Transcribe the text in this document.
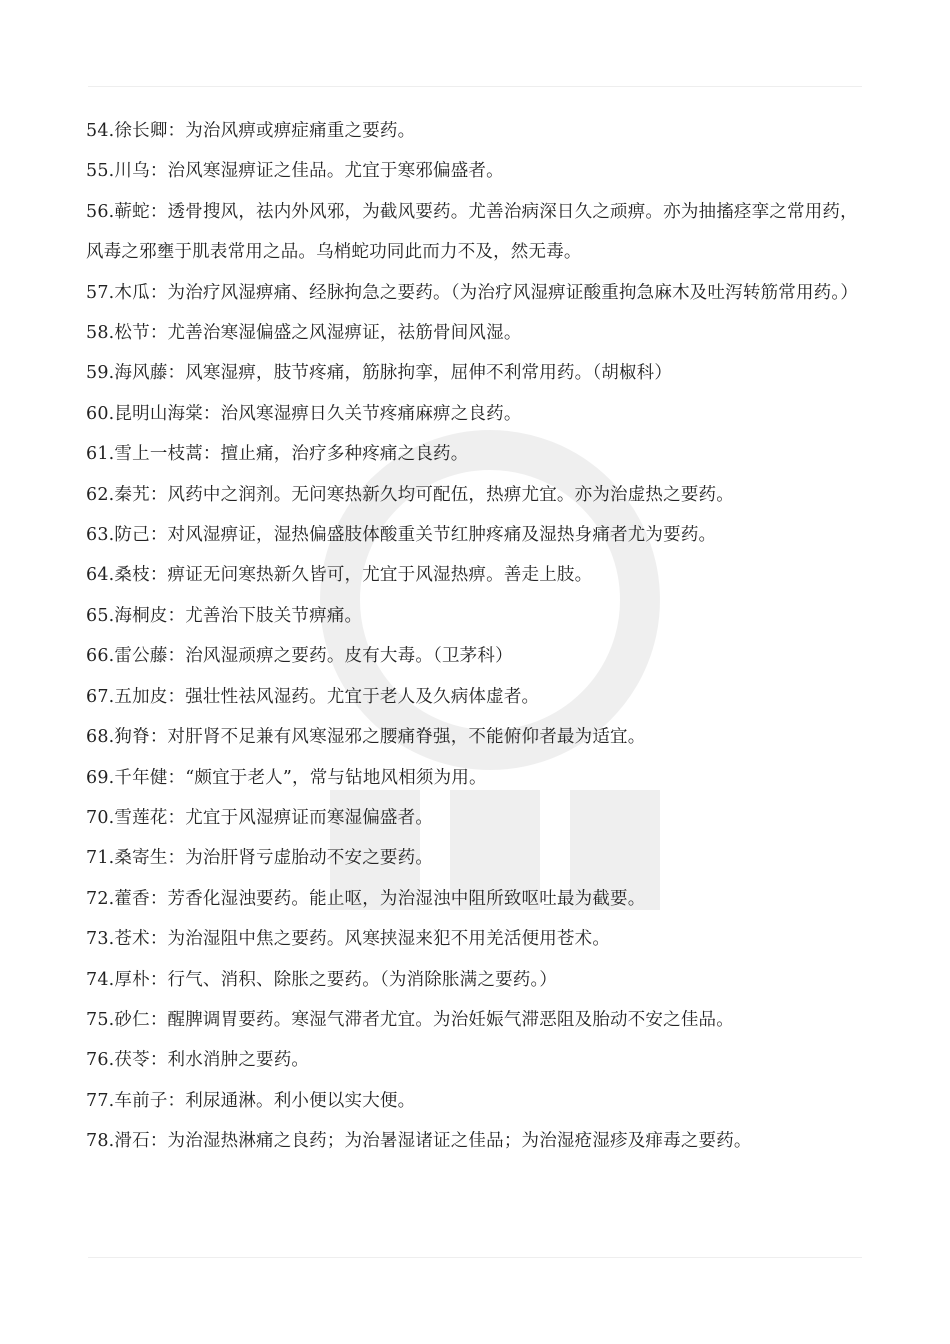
54.徐长卿：为治风痹或痹症痛重之要药。

55.川乌：治风寒湿痹证之佳品。尤宜于寒邪偏盛者。

56.蕲蛇：透骨搜风，祛内外风邪，为截风要药。尤善治病深日久之顽痹。亦为抽搐痉挛之常用药，风毒之邪壅于肌表常用之品。乌梢蛇功同此而力不及，然无毒。

57.木瓜：为治疗风湿痹痛、经脉拘急之要药。（为治疗风湿痹证酸重拘急麻木及吐泻转筋常用药。）

58.松节：尤善治寒湿偏盛之风湿痹证，祛筋骨间风湿。

59.海风藤：风寒湿痹，肢节疼痛，筋脉拘挛，屈伸不利常用药。（胡椒科）

60.昆明山海棠：治风寒湿痹日久关节疼痛麻痹之良药。

61.雪上一枝蒿：擅止痛，治疗多种疼痛之良药。

62.秦艽：风药中之润剂。无问寒热新久均可配伍，热痹尤宜。亦为治虚热之要药。

63.防己：对风湿痹证，湿热偏盛肢体酸重关节红肿疼痛及湿热身痛者尤为要药。

64.桑枝：痹证无问寒热新久皆可，尤宜于风湿热痹。善走上肢。

65.海桐皮：尤善治下肢关节痹痛。

66.雷公藤：治风湿顽痹之要药。皮有大毒。（卫茅科）

67.五加皮：强壮性祛风湿药。尤宜于老人及久病体虚者。

68.狗脊：对肝肾不足兼有风寒湿邪之腰痛脊强，不能俯仰者最为适宜。

69.千年健：“颇宜于老人”，常与钻地风相须为用。

70.雪莲花：尤宜于风湿痹证而寒湿偏盛者。

71.桑寄生：为治肝肾亏虚胎动不安之要药。

72.藿香：芳香化湿浊要药。能止呕，为治湿浊中阻所致呕吐最为截要。

73.苍术：为治湿阻中焦之要药。风寒挟湿来犯不用羌活便用苍术。

74.厚朴：行气、消积、除胀之要药。（为消除胀满之要药。）

75.砂仁：醒脾调胃要药。寒湿气滞者尤宜。为治妊娠气滞恶阻及胎动不安之佳品。

76.茯苓：利水消肿之要药。

77.车前子：利尿通淋。利小便以实大便。

78.滑石：为治湿热淋痛之良药；为治暑湿诸证之佳品；为治湿疮湿疹及痱毒之要药。
